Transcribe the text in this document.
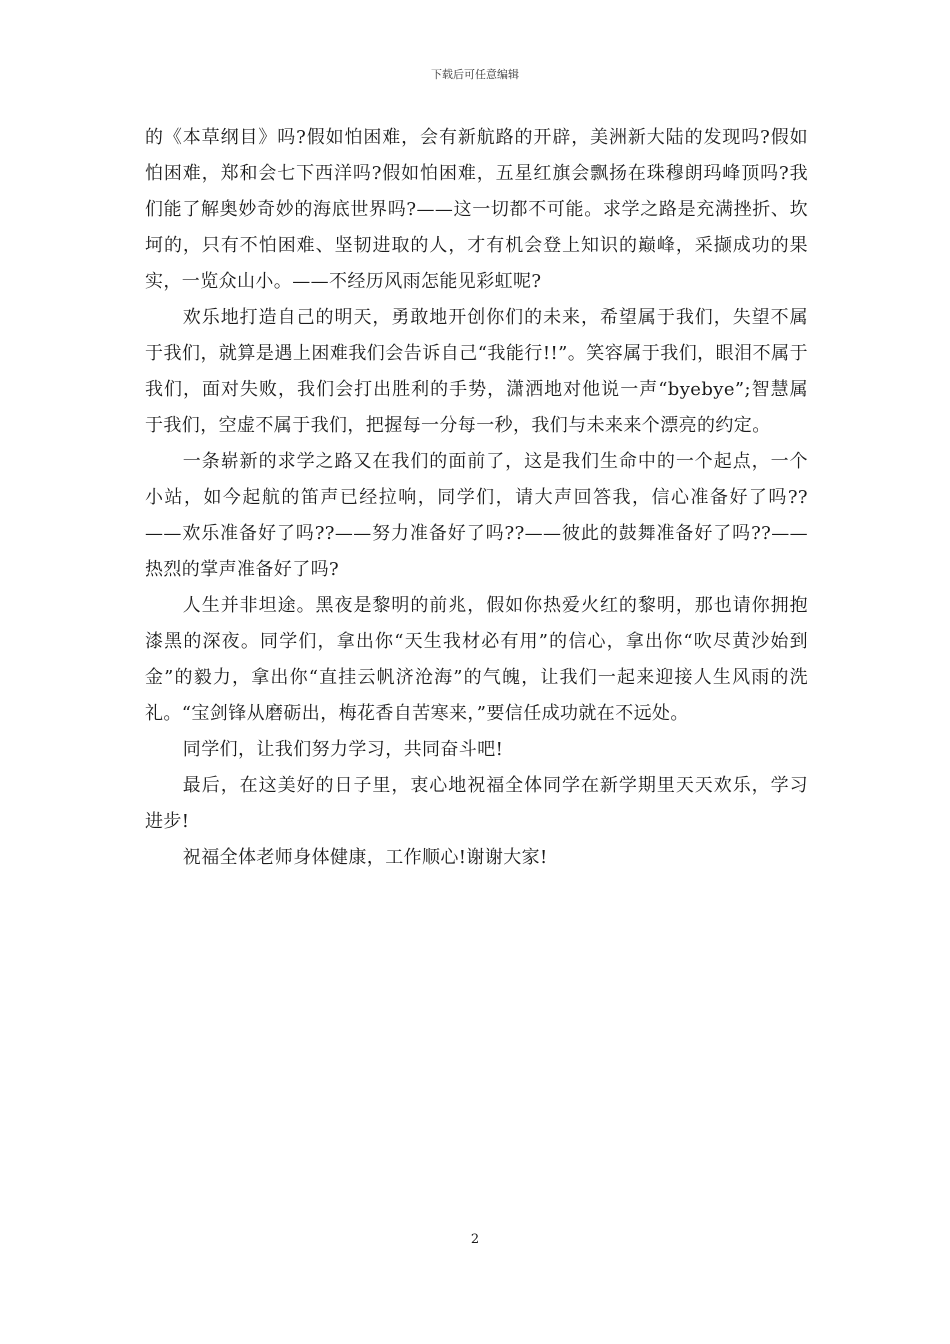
下载后可任意编辑

的《本草纲目》吗?假如怕困难，会有新航路的开辟，美洲新大陆的发现吗?假如怕困难，郑和会七下西洋吗?假如怕困难，五星红旗会飘扬在珠穆朗玛峰顶吗?我们能了解奥妙奇妙的海底世界吗?——这一切都不可能。求学之路是充满挫折、坎坷的，只有不怕困难、坚韧进取的人，才有机会登上知识的巅峰，采撷成功的果实，一览众山小。——不经历风雨怎能见彩虹呢?

欢乐地打造自己的明天，勇敢地开创你们的未来，希望属于我们，失望不属于我们，就算是遇上困难我们会告诉自己“我能行!!”。笑容属于我们，眼泪不属于我们，面对失败，我们会打出胜利的手势，潇洒地对他说一声“byebye”;智慧属于我们，空虚不属于我们，把握每一分每一秒，我们与未来来个漂亮的约定。

一条崭新的求学之路又在我们的面前了，这是我们生命中的一个起点，一个小站，如今起航的笛声已经拉响，同学们，请大声回答我，信心准备好了吗??——欢乐准备好了吗??——努力准备好了吗??——彼此的鼓舞准备好了吗??——热烈的掌声准备好了吗?

人生并非坦途。黑夜是黎明的前兆，假如你热爱火红的黎明，那也请你拥抱漆黑的深夜。同学们，拿出你“天生我材必有用”的信心，拿出你“吹尽黄沙始到金”的毅力，拿出你“直挂云帆济沧海”的气魄，让我们一起来迎接人生风雨的洗礼。“宝剑锋从磨砺出，梅花香自苦寒来，”要信任成功就在不远处。

同学们，让我们努力学习，共同奋斗吧!

最后，在这美好的日子里，衷心地祝福全体同学在新学期里天天欢乐，学习进步!

祝福全体老师身体健康，工作顺心!谢谢大家!

2
